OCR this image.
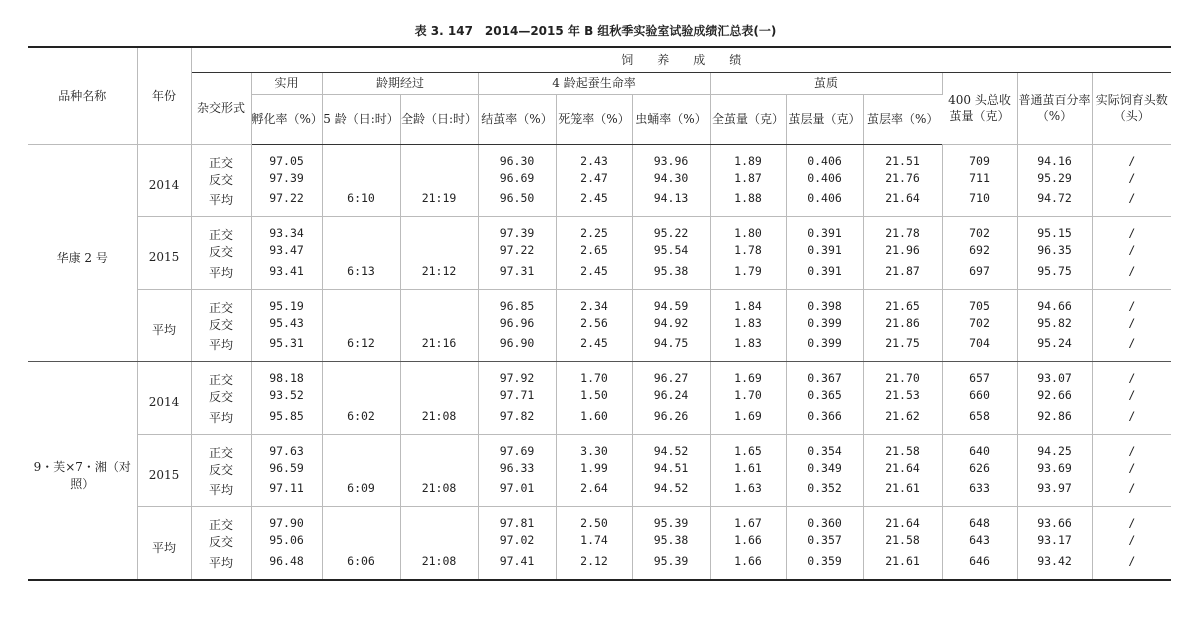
表 3. 147　2014—2015 年 B 组秋季实验室试验成绩汇总表(一)
品种名称	年份	饲　　养　　成　　绩												
		杂交形式	实用	龄期经过		4 龄起蚕生命率			茧质			400 头总收茧量（克）	普通茧百分率（%）	实际饲育头数（头）
			孵化率（%）	5 龄（日:时）	全龄（日:时）	结茧率（%）	死笼率（%）	虫蛹率（%）	全茧量（克）	茧层量（克）	茧层率（%）			
华康 2 号	2014	正交	97.05			96.30	2.43	93.96	1.89	0.406	21.51	709	94.16	/
		反交	97.39			96.69	2.47	94.30	1.87	0.406	21.76	711	95.29	/
		平均	97.22	6:10	21:19	96.50	2.45	94.13	1.88	0.406	21.64	710	94.72	/
	2015	正交	93.34			97.39	2.25	95.22	1.80	0.391	21.78	702	95.15	/
		反交	93.47			97.22	2.65	95.54	1.78	0.391	21.96	692	96.35	/
		平均	93.41	6:13	21:12	97.31	2.45	95.38	1.79	0.391	21.87	697	95.75	/
	平均	正交	95.19			96.85	2.34	94.59	1.84	0.398	21.65	705	94.66	/
		反交	95.43			96.96	2.56	94.92	1.83	0.399	21.86	702	95.82	/
		平均	95.31	6:12	21:16	96.90	2.45	94.75	1.83	0.399	21.75	704	95.24	/
9・芙×7・湘（对照）	2014	正交	98.18			97.92	1.70	96.27	1.69	0.367	21.70	657	93.07	/
		反交	93.52			97.71	1.50	96.24	1.70	0.365	21.53	660	92.66	/
		平均	95.85	6:02	21:08	97.82	1.60	96.26	1.69	0.366	21.62	658	92.86	/
	2015	正交	97.63			97.69	3.30	94.52	1.65	0.354	21.58	640	94.25	/
		反交	96.59			96.33	1.99	94.51	1.61	0.349	21.64	626	93.69	/
		平均	97.11	6:09	21:08	97.01	2.64	94.52	1.63	0.352	21.61	633	93.97	/
	平均	正交	97.90			97.81	2.50	95.39	1.67	0.360	21.64	648	93.66	/
		反交	95.06			97.02	1.74	95.38	1.66	0.357	21.58	643	93.17	/
		平均	96.48	6:06	21:08	97.41	2.12	95.39	1.66	0.359	21.61	646	93.42	/
